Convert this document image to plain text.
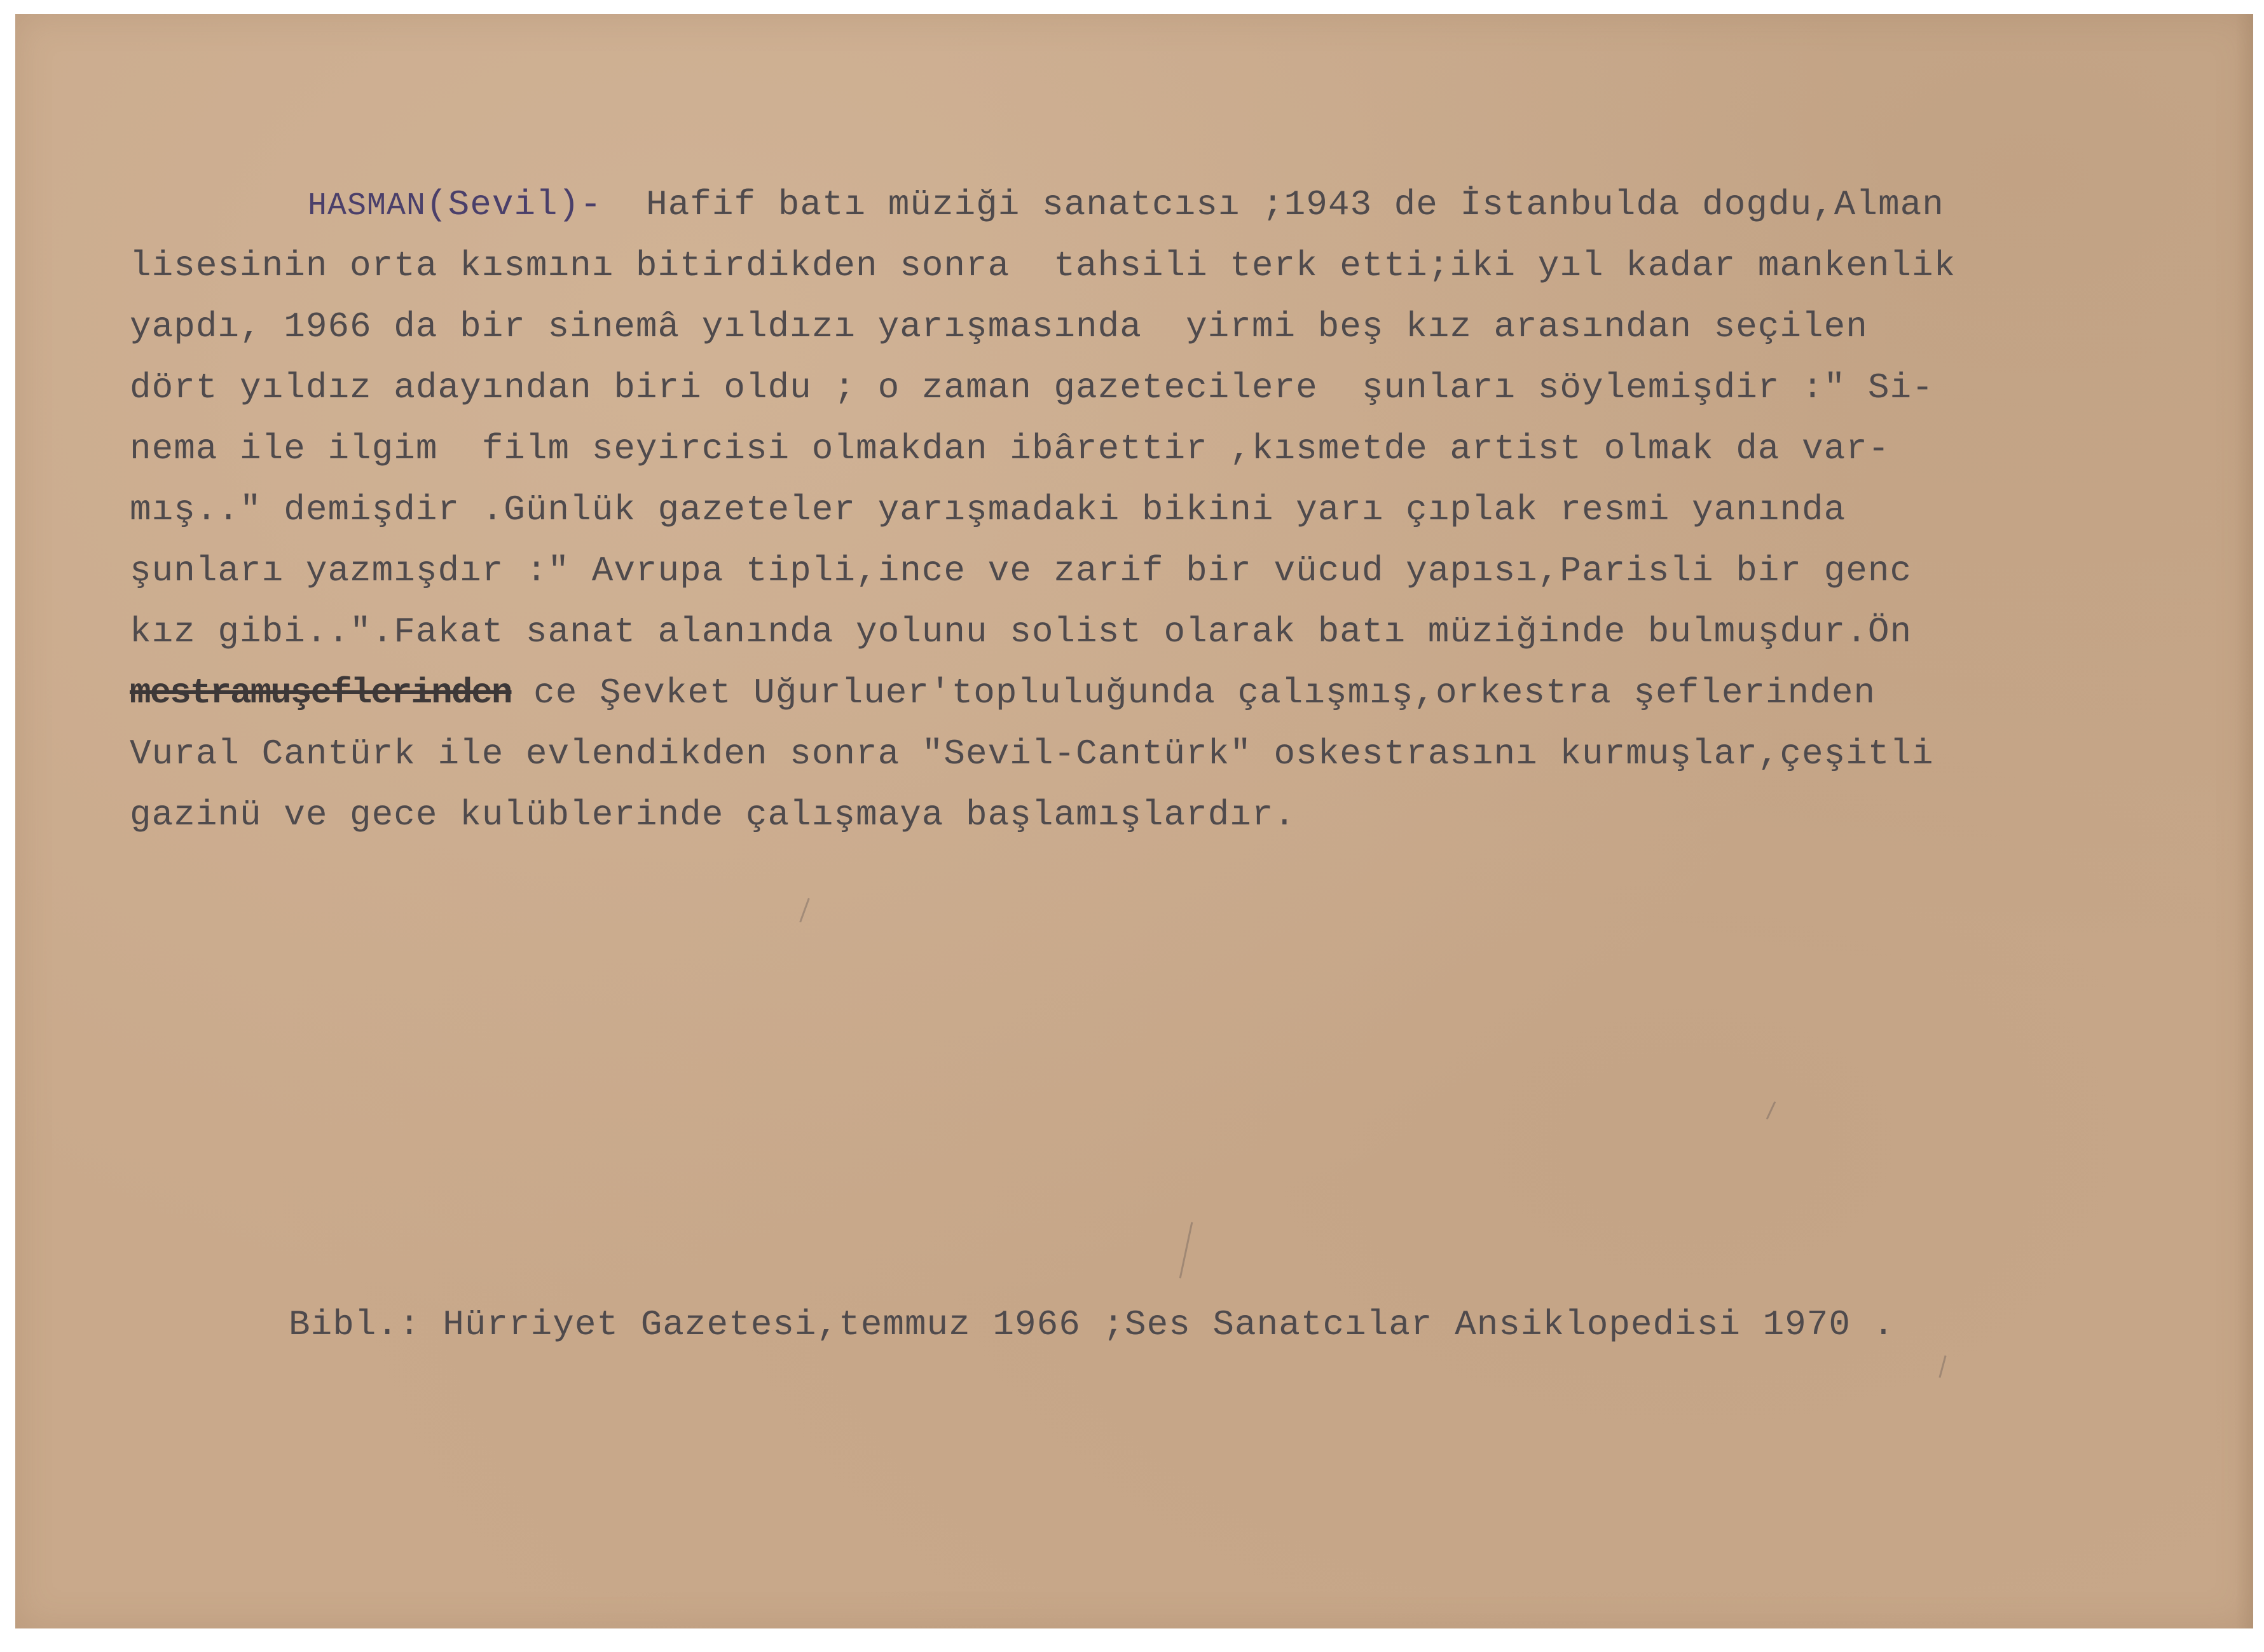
HASMAN(Sevil)- Hafif batı müziği sanatcısı ;1943 de İstanbulda dogdu,Alman

lisesinin orta kısmını bitirdikden sonra  tahsili terk etti;iki yıl kadar mankenlik

yapdı, 1966 da bir sinemâ yıldızı yarışmasında  yirmi beş kız arasından seçilen

dört yıldız adayından biri oldu ; o zaman gazetecilere  şunları söylemişdir :" Si-

nema ile ilgim  film seyircisi olmakdan ibârettir ,kısmetde artist olmak da var-

mış.." demişdir .Günlük gazeteler yarışmadaki bikini yarı çıplak resmi yanında

şunları yazmışdır :" Avrupa tipli,ince ve zarif bir vücud yapısı,Parisli bir genc

kız gibi..".Fakat sanat alanında yolunu solist olarak batı müziğinde bulmuşdur.Ön

mestramuşeflerinden ce Şevket Uğurluer'topluluğunda çalışmış,orkestra şeflerinden

Vural Cantürk ile evlendikden sonra "Sevil-Cantürk" oskestrasını kurmuşlar,çeşitli

gazinü ve gece kulüblerinde çalışmaya başlamışlardır.

Bibl.: Hürriyet Gazetesi,temmuz 1966 ;Ses Sanatcılar Ansiklopedisi 1970 .
